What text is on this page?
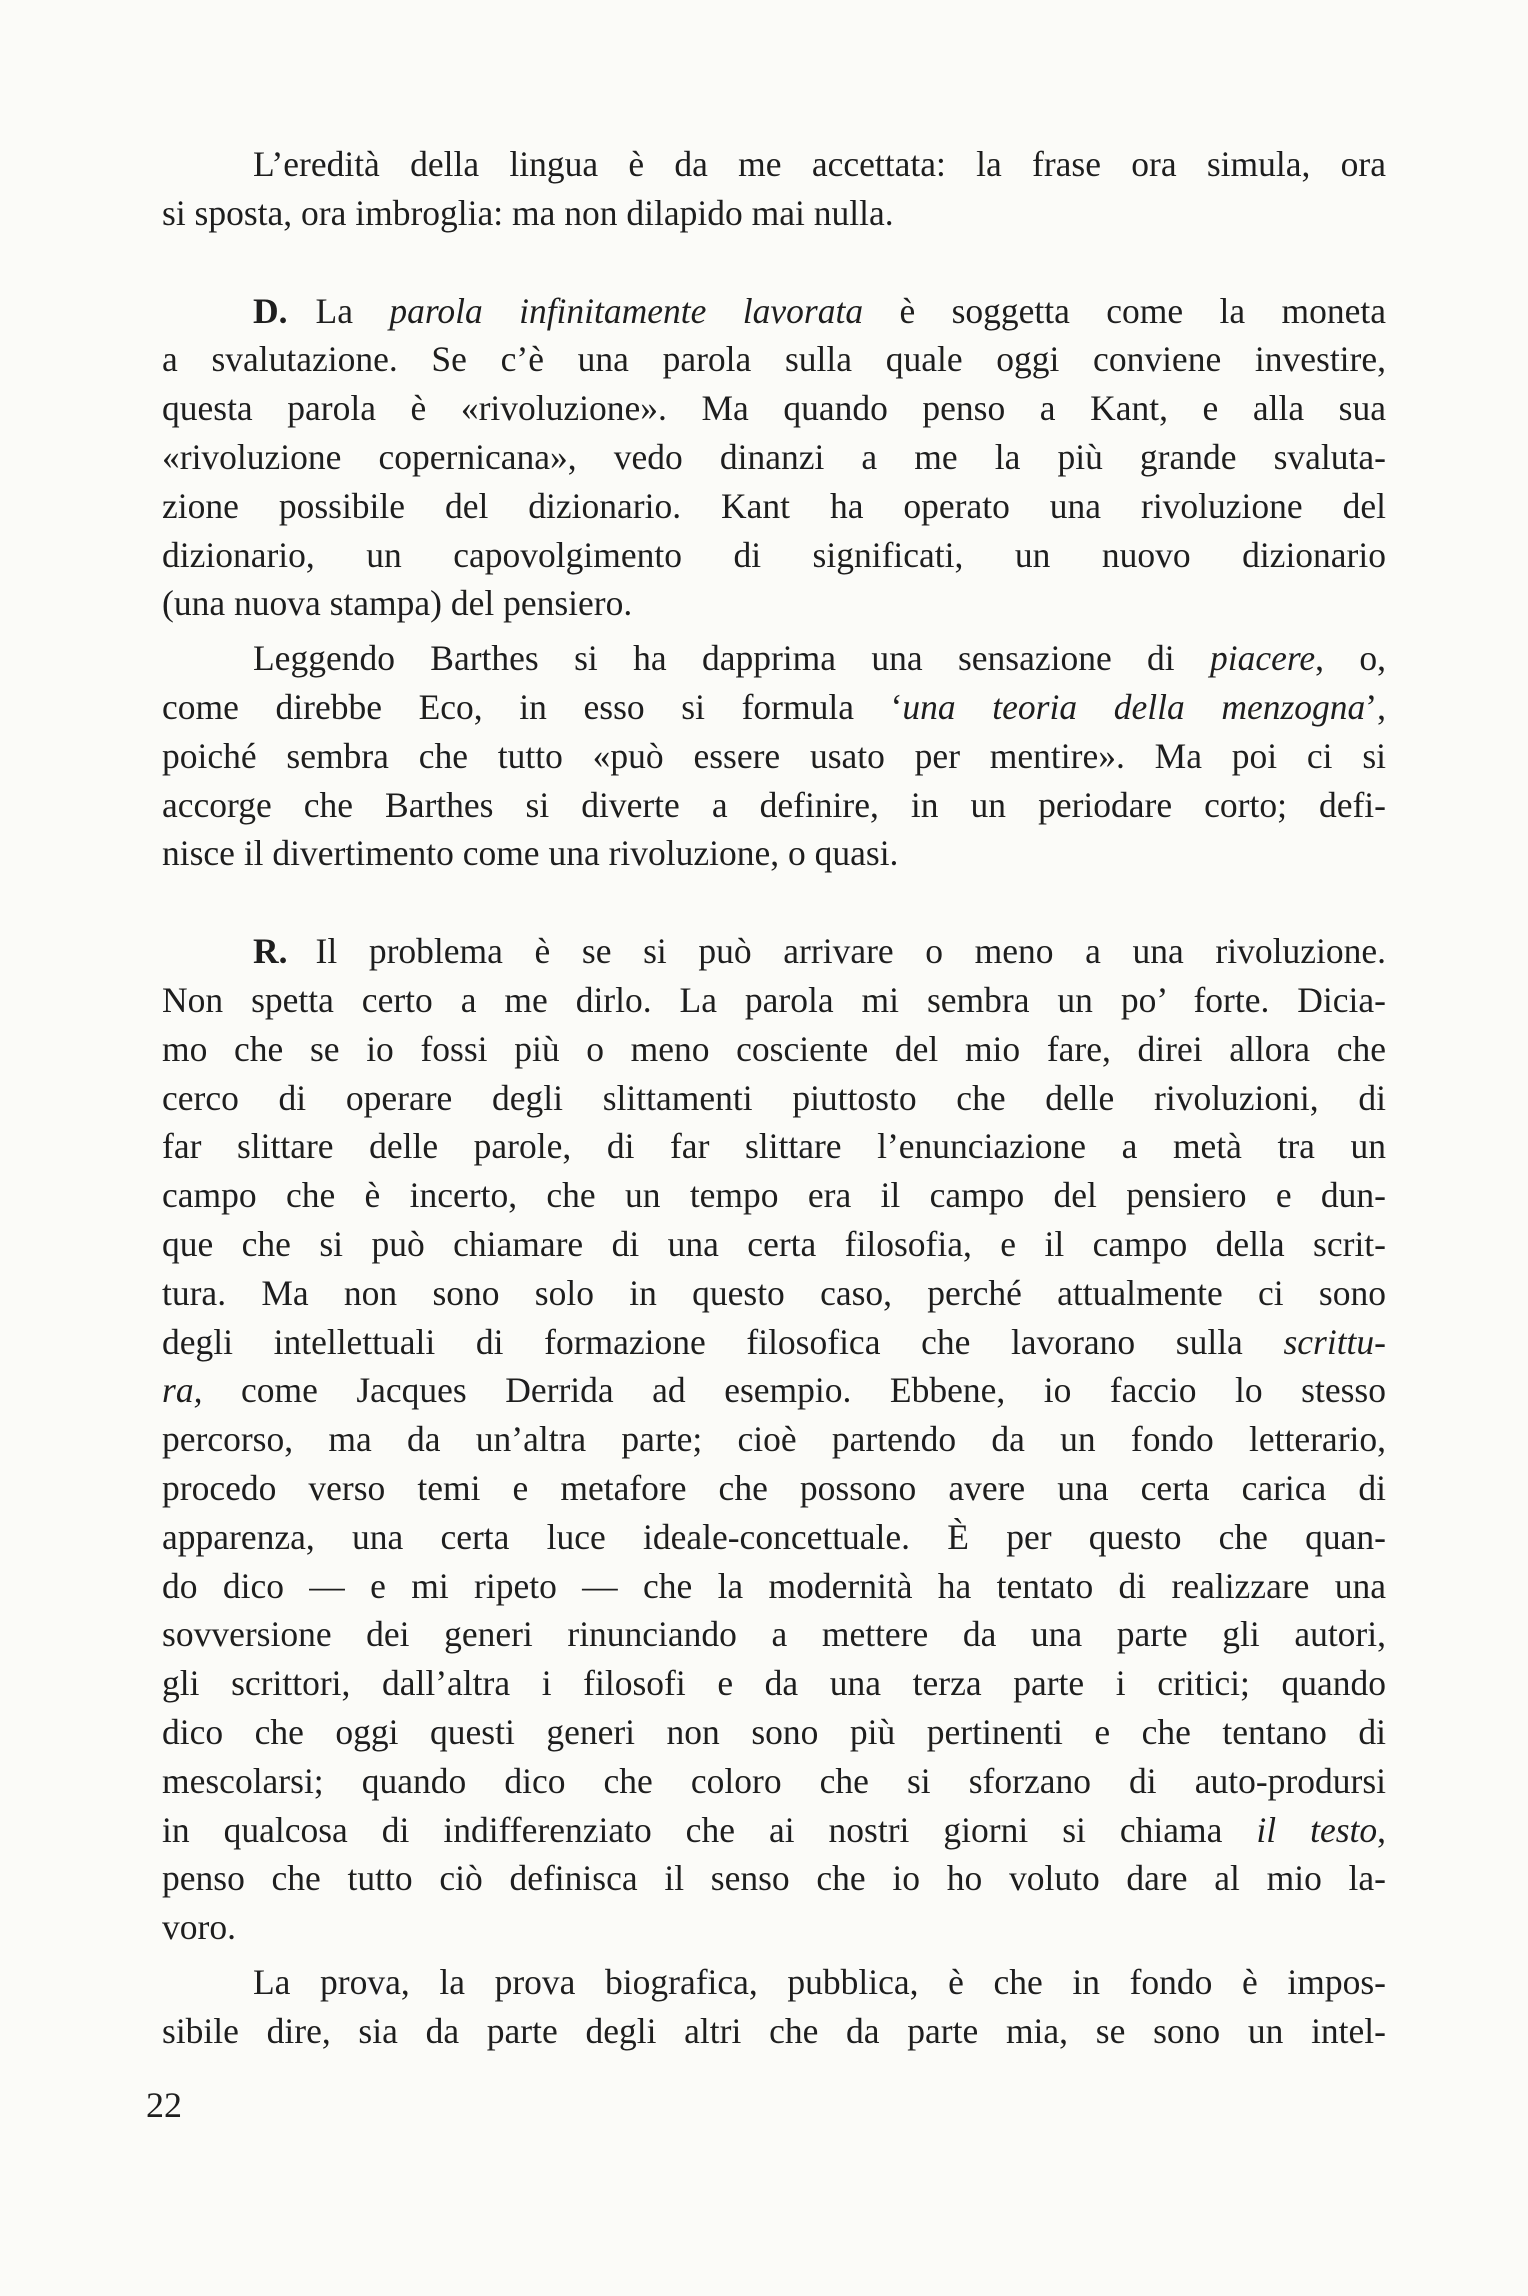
L’eredità della lingua è da me accettata: la frase ora simula, ora
si sposta, ora imbroglia: ma non dilapido mai nulla.
D. La parola infinitamente lavorata è soggetta come la moneta
a svalutazione. Se c’è una parola sulla quale oggi conviene investire,
questa parola è «rivoluzione». Ma quando penso a Kant, e alla sua
«rivoluzione copernicana», vedo dinanzi a me la più grande svaluta-
zione possibile del dizionario. Kant ha operato una rivoluzione del
dizionario, un capovolgimento di significati, un nuovo dizionario
(una nuova stampa) del pensiero.
Leggendo Barthes si ha dapprima una sensazione di piacere, o,
come direbbe Eco, in esso si formula ‘una teoria della menzogna’,
poiché sembra che tutto «può essere usato per mentire». Ma poi ci si
accorge che Barthes si diverte a definire, in un periodare corto; defi-
nisce il divertimento come una rivoluzione, o quasi.
R. Il problema è se si può arrivare o meno a una rivoluzione.
Non spetta certo a me dirlo. La parola mi sembra un po’ forte. Dicia-
mo che se io fossi più o meno cosciente del mio fare, direi allora che
cerco di operare degli slittamenti piuttosto che delle rivoluzioni, di
far slittare delle parole, di far slittare l’enunciazione a metà tra un
campo che è incerto, che un tempo era il campo del pensiero e dun-
que che si può chiamare di una certa filosofia, e il campo della scrit-
tura. Ma non sono solo in questo caso, perché attualmente ci sono
degli intellettuali di formazione filosofica che lavorano sulla scrittu-
ra, come Jacques Derrida ad esempio. Ebbene, io faccio lo stesso
percorso, ma da un’altra parte; cioè partendo da un fondo letterario,
procedo verso temi e metafore che possono avere una certa carica di
apparenza, una certa luce ideale-concettuale. È per questo che quan-
do dico — e mi ripeto — che la modernità ha tentato di realizzare una
sovversione dei generi rinunciando a mettere da una parte gli autori,
gli scrittori, dall’altra i filosofi e da una terza parte i critici; quando
dico che oggi questi generi non sono più pertinenti e che tentano di
mescolarsi; quando dico che coloro che si sforzano di auto-prodursi
in qualcosa di indifferenziato che ai nostri giorni si chiama il testo,
penso che tutto ciò definisca il senso che io ho voluto dare al mio la-
voro.
La prova, la prova biografica, pubblica, è che in fondo è impos-
sibile dire, sia da parte degli altri che da parte mia, se sono un intel-
22
